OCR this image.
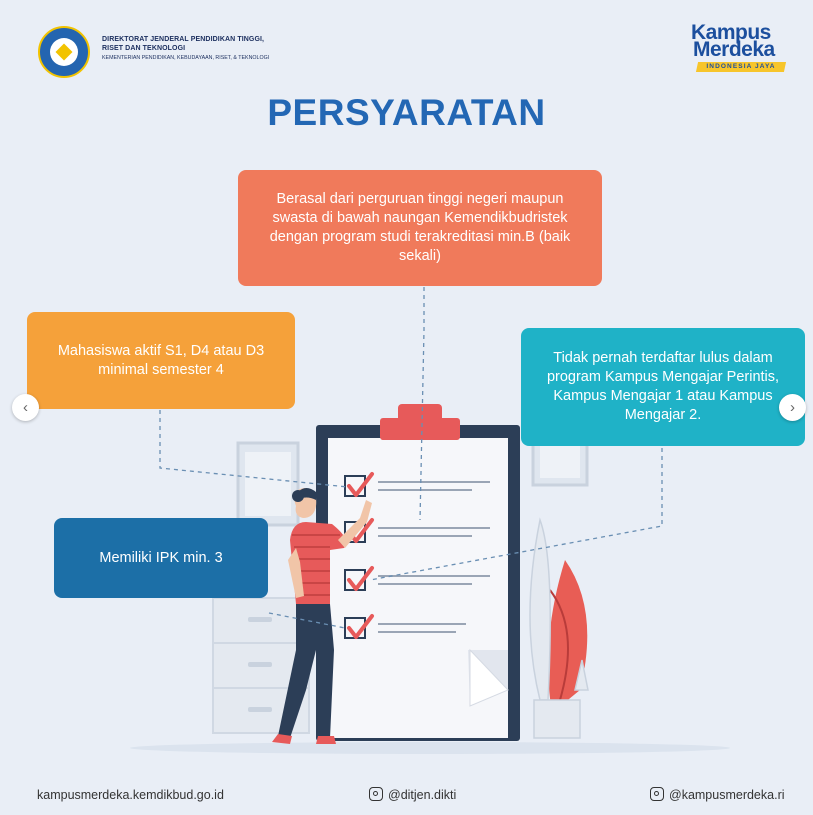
DIREKTORAT JENDERAL PENDIDIKAN TINGGI,
RISET DAN TEKNOLOGI
KEMENTERIAN PENDIDIKAN, KEBUDAYAAN, RISET, & TEKNOLOGI
Kampus
Merdeka
INDONESIA JAYA
PERSYARATAN
Berasal dari perguruan tinggi negeri maupun swasta di bawah naungan Kemendikbudristek dengan program studi terakreditasi min.B (baik sekali)
Mahasiswa aktif S1, D4 atau D3 minimal semester 4
Tidak pernah terdaftar lulus dalam program Kampus Mengajar Perintis, Kampus Mengajar 1 atau Kampus Mengajar 2.
Memiliki IPK min. 3
‹	›
kampusmerdeka.kemdikbud.go.id	@ditjen.dikti	@kampusmerdeka.ri
